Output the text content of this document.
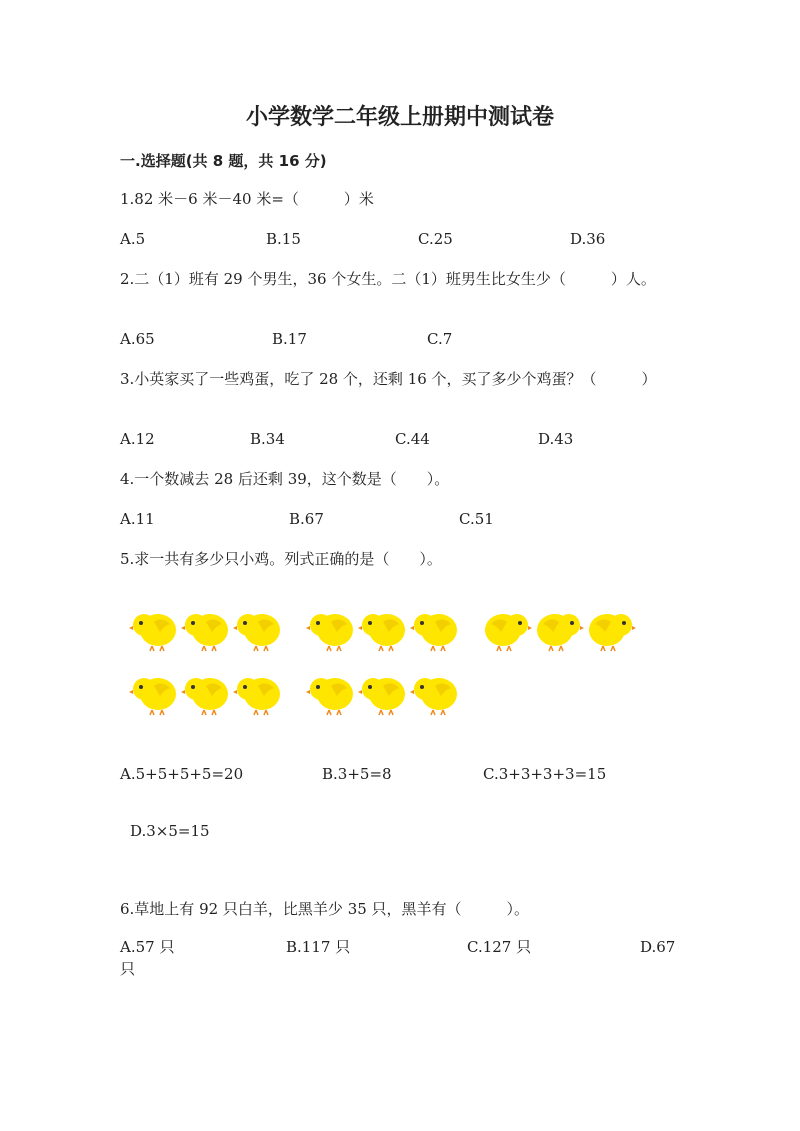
小学数学二年级上册期中测试卷
一.选择题(共 8 题，共 16 分)
1.82 米－6 米－40 米=（　　　）米
A.5	B.15	C.25	D.36
2.二（1）班有 29 个男生，36 个女生。二（1）班男生比女生少（　　　）人。
A.65	B.17	C.7
3.小英家买了一些鸡蛋，吃了 28 个，还剩 16 个，买了多少个鸡蛋？（　　　）
A.12	B.34	C.44	D.43
4.一个数减去 28 后还剩 39，这个数是（　　）。
A.11	B.67	C.51
5.求一共有多少只小鸡。列式正确的是（　　）。
A.5+5+5+5=20	B.3+5=8	C.3+3+3+3=15
D.3×5=15
6.草地上有 92 只白羊，比黑羊少 35 只，黑羊有（　　　）。
A.57 只	B.117 只	C.127 只	D.67
只
